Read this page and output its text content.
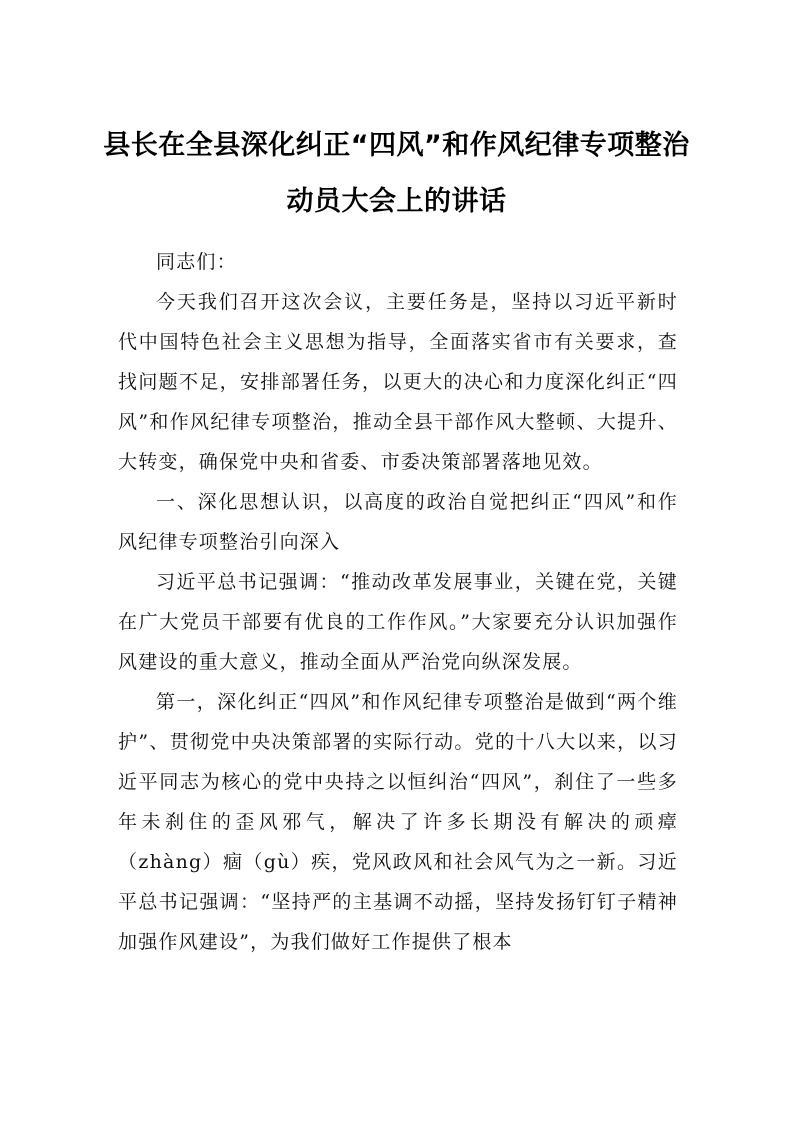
县长在全县深化纠正“四风”和作风纪律专项整治动员大会上的讲话

同志们：

今天我们召开这次会议，主要任务是，坚持以习近平新时代中国特色社会主义思想为指导，全面落实省市有关要求，查找问题不足，安排部署任务，以更大的决心和力度深化纠正“四风”和作风纪律专项整治，推动全县干部作风大整顿、大提升、大转变，确保党中央和省委、市委决策部署落地见效。

一、深化思想认识，以高度的政治自觉把纠正“四风”和作风纪律专项整治引向深入

习近平总书记强调：“推动改革发展事业，关键在党，关键在广大党员干部要有优良的工作作风。”大家要充分认识加强作风建设的重大意义，推动全面从严治党向纵深发展。

第一，深化纠正“四风”和作风纪律专项整治是做到“两个维护”、贯彻党中央决策部署的实际行动。党的十八大以来，以习近平同志为核心的党中央持之以恒纠治“四风”，刹住了一些多年未刹住的歪风邪气，解决了许多长期没有解决的顽瘴（zhàng）痼（gù）疾，党风政风和社会风气为之一新。习近平总书记强调：“坚持严的主基调不动摇，坚持发扬钉钉子精神加强作风建设”，为我们做好工作提供了根本
